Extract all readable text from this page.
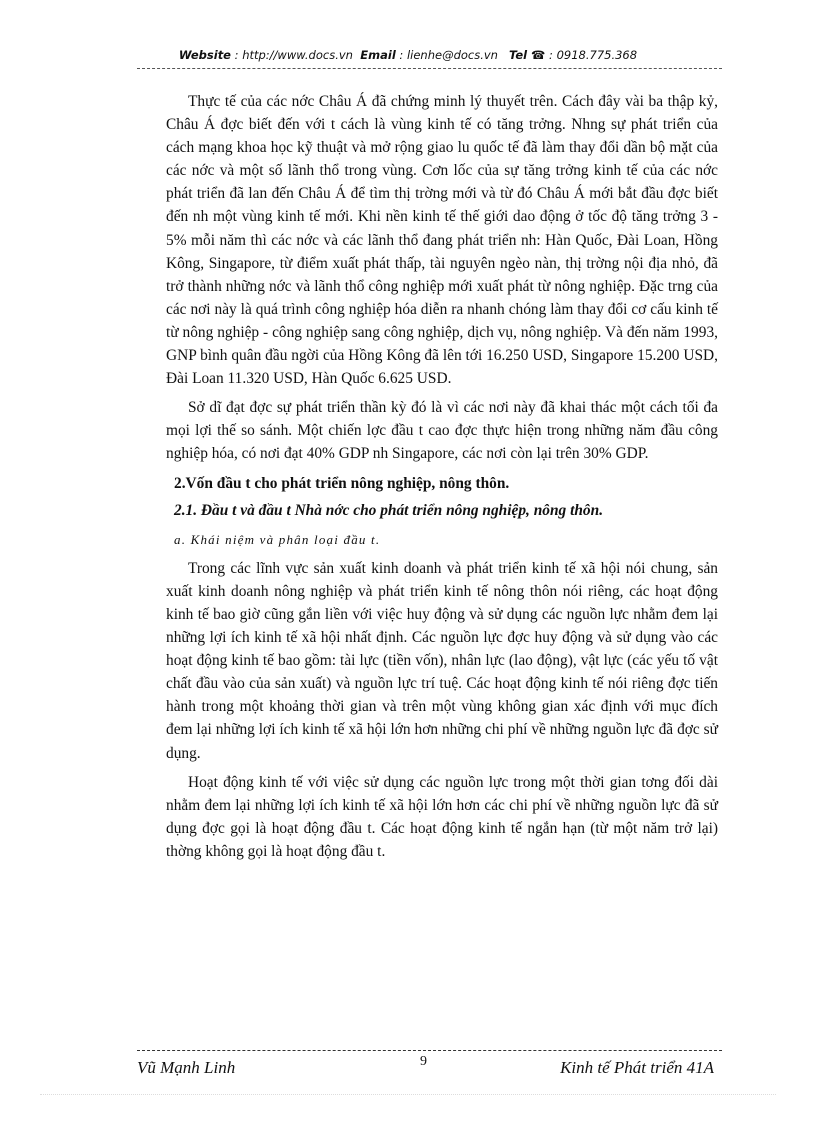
Website : http://www.docs.vn Email : lienhe@docs.vn Tel ☎ : 0918.775.368

Thực tế của các nớc Châu Á đã chứng minh lý thuyết trên. Cách đây vài ba thập kỷ, Châu Á đợc biết đến với t cách là vùng kinh tế có tăng trởng. Nhng sự phát triển của cách mạng khoa học kỹ thuật và mở rộng giao lu quốc tế đã làm thay đổi dần bộ mặt của các nớc và một số lãnh thổ trong vùng. Cơn lốc của sự tăng trởng kinh tế của các nớc phát triển đã lan đến Châu Á để tìm thị trờng mới và từ đó Châu Á mới bắt đầu đợc biết đến nh một vùng kinh tế mới. Khi nền kinh tế thế giới dao động ở tốc độ tăng trởng 3 - 5% mỗi năm thì các nớc và các lãnh thổ đang phát triển nh: Hàn Quốc, Đài Loan, Hồng Kông, Singapore, từ điểm xuất phát thấp, tài nguyên ngèo nàn, thị trờng nội địa nhỏ, đã trở thành những nớc và lãnh thổ công nghiệp mới xuất phát từ nông nghiệp. Đặc trng của các nơi này là quá trình công nghiệp hóa diễn ra nhanh chóng làm thay đổi cơ cấu kinh tế từ nông nghiệp - công nghiệp sang công nghiệp, dịch vụ, nông nghiệp. Và đến năm 1993, GNP bình quân đầu ngời của Hồng Kông đã lên tới 16.250 USD, Singapore 15.200 USD, Đài Loan 11.320 USD, Hàn Quốc 6.625 USD.

Sở dĩ đạt đợc sự phát triển thần kỳ đó là vì các nơi này đã khai thác một cách tối đa mọi lợi thế so sánh. Một chiến lợc đầu t cao đợc thực hiện trong những năm đầu công nghiệp hóa, có nơi đạt 40% GDP nh Singapore, các nơi còn lại trên 30% GDP.

2.Vốn đầu t cho phát triển nông nghiệp, nông thôn.
2.1. Đầu t và đầu t Nhà nớc cho phát triển nông nghiệp, nông thôn.
a. Khái niệm và phân loại đầu t.

Trong các lĩnh vực sản xuất kinh doanh và phát triển kinh tế xã hội nói chung, sản xuất kinh doanh nông nghiệp và phát triển kinh tế nông thôn nói riêng, các hoạt động kinh tế bao giờ cũng gắn liền với việc huy động và sử dụng các nguồn lực nhằm đem lại những lợi ích kinh tế xã hội nhất định. Các nguồn lực đợc huy động và sử dụng vào các hoạt động kinh tế bao gồm: tài lực (tiền vốn), nhân lực (lao động), vật lực (các yếu tố vật chất đầu vào của sản xuất) và nguồn lực trí tuệ. Các hoạt động kinh tế nói riêng đợc tiến hành trong một khoảng thời gian và trên một vùng không gian xác định với mục đích đem lại những lợi ích kinh tế xã hội lớn hơn những chi phí về những nguồn lực đã đợc sử dụng.

Hoạt động kinh tế với việc sử dụng các nguồn lực trong một thời gian tơng đối dài nhằm đem lại những lợi ích kinh tế xã hội lớn hơn các chi phí về những nguồn lực đã sử dụng đợc gọi là hoạt động đầu t. Các hoạt động kinh tế ngắn hạn (từ một năm trở lại) thờng không gọi là hoạt động đầu t.

Vũ Mạnh Linh	9	Kinh tế Phát triển 41A
